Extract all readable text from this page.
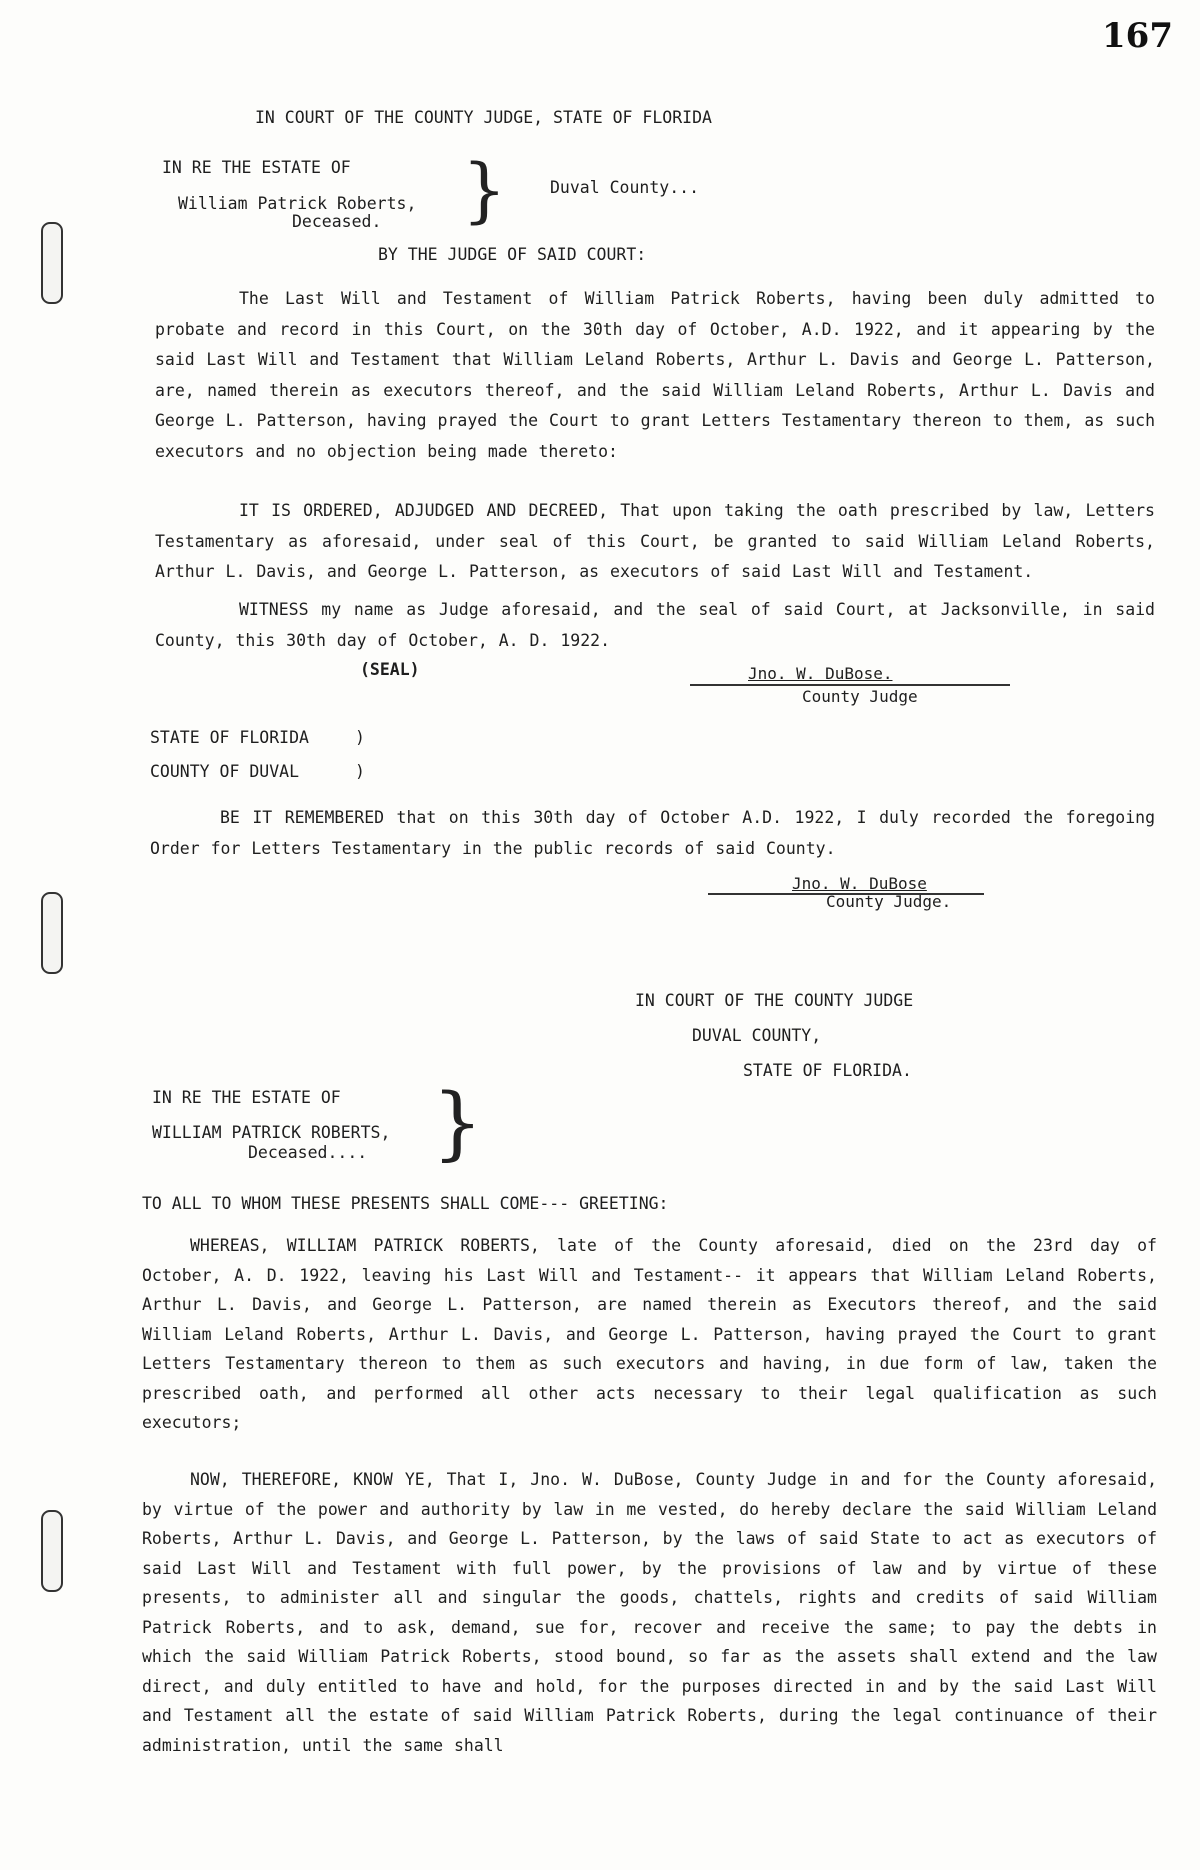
167
IN COURT OF THE COUNTY JUDGE, STATE OF FLORIDA
IN RE THE ESTATE OF
William Patrick Roberts,
Deceased. }	Duval County...
BY THE JUDGE OF SAID COURT:
The Last Will and Testament of William Patrick Roberts, having been duly admitted to probate and record in this Court, on the 30th day of October, A.D. 1922, and it appearing by the said Last Will and Testament that William Leland Roberts, Arthur L. Davis and George L. Patterson, are, named therein as executors thereof, and the said William Leland Roberts, Arthur L. Davis and George L. Patterson, having prayed the Court to grant Letters Testamentary thereon to them, as such executors and no objection being made thereto:
IT IS ORDERED, ADJUDGED AND DECREED, That upon taking the oath prescribed by law, Letters Testamentary as aforesaid, under seal of this Court, be granted to said William Leland Roberts, Arthur L. Davis, and George L. Patterson, as executors of said Last Will and Testament.
WITNESS my name as Judge aforesaid, and the seal of said Court, at Jacksonville, in said County, this 30th day of October, A. D. 1922.
(SEAL)	Jno. W. DuBose.
County Judge
STATE OF FLORIDA	)
COUNTY OF DUVAL	)
BE IT REMEMBERED that on this 30th day of October A.D. 1922, I duly recorded the foregoing Order for Letters Testamentary in the public records of said County.
Jno. W. DuBose
County Judge.
IN COURT OF THE COUNTY JUDGE
DUVAL COUNTY,
STATE OF FLORIDA.
IN RE THE ESTATE OF
WILLIAM PATRICK ROBERTS,
Deceased.... }
TO ALL TO WHOM THESE PRESENTS SHALL COME--- GREETING:
WHEREAS, WILLIAM PATRICK ROBERTS, late of the County aforesaid, died on the 23rd day of October, A. D. 1922, leaving his Last Will and Testament-- it appears that William Leland Roberts, Arthur L. Davis, and George L. Patterson, are named therein as Executors thereof, and the said William Leland Roberts, Arthur L. Davis, and George L. Patterson, having prayed the Court to grant Letters Testamentary thereon to them as such executors and having, in due form of law, taken the prescribed oath, and performed all other acts necessary to their legal qualification as such executors;
NOW, THEREFORE, KNOW YE, That I, Jno. W. DuBose, County Judge in and for the County aforesaid, by virtue of the power and authority by law in me vested, do hereby declare the said William Leland Roberts, Arthur L. Davis, and George L. Patterson, by the laws of said State to act as executors of said Last Will and Testament with full power, by the provisions of law and by virtue of these presents, to administer all and singular the goods, chattels, rights and credits of said William Patrick Roberts, and to ask, demand, sue for, recover and receive the same; to pay the debts in which the said William Patrick Roberts, stood bound, so far as the assets shall extend and the law direct, and duly entitled to have and hold, for the purposes directed in and by the said Last Will and Testament all the estate of said William Patrick Roberts, during the legal continuance of their administration, until the same shall
